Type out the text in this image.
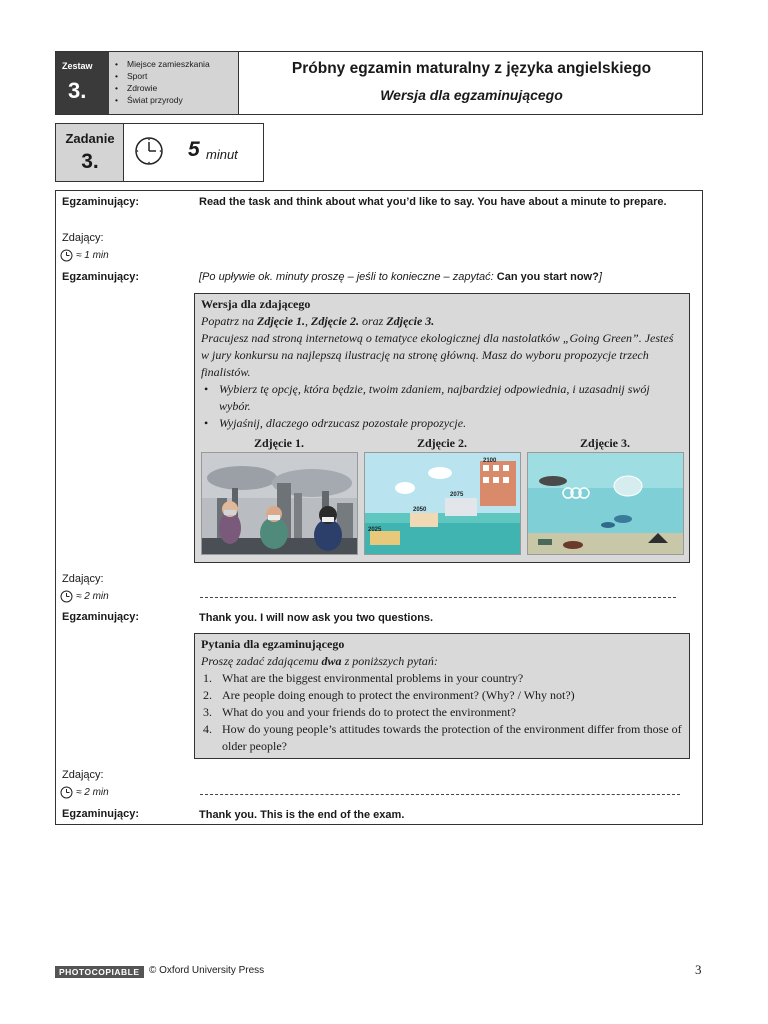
Zestaw
3.
• Miejsce zamieszkania
• Sport
• Zdrowie
• Świat przyrody
Próbny egzamin maturalny z języka angielskiego
Wersja dla egzaminującego
Zadanie
3.
5 minut
Egzaminujący:	Read the task and think about what you’d like to say. You have about a minute to prepare.
Zdający:
≈ 1 min
Egzaminujący:	[Po upływie ok. minuty proszę – jeśli to konieczne – zapytać: Can you start now?]

Wersja dla zdającego

Popatrz na Zdjęcie 1., Zdjęcie 2. oraz Zdjęcie 3.

Pracujesz nad stroną internetową o tematyce ekologicznej dla nastolatków „Going Green”. Jesteś w jury konkursu na najlepszą ilustrację na stronę główną. Masz do wyboru propozycje trzech finalistów.

• Wybierz tę opcję, która będzie, twoim zdaniem, najbardziej odpowiednia, i uzasadnij swój wybór.

• Wyjaśnij, dlaczego odrzucasz pozostałe propozycje.

Zdjęcie 1.	Zdjęcie 2.	Zdjęcie 3.
2100
2075
2050
2025
Zdający:
≈ 2 min
Egzaminujący:	Thank you. I will now ask you two questions.

Pytania dla egzaminującego

Proszę zadać zdającemu dwa z poniższych pytań:

1. What are the biggest environmental problems in your country?

2. Are people doing enough to protect the environment? (Why? / Why not?)

3. What do you and your friends do to protect the environment?

4. How do young people’s attitudes towards the protection of the environment differ from those of older people?

Zdający:
≈ 2 min
Egzaminujący:	Thank you. This is the end of the exam.
PHOTOCOPIABLE © Oxford University Press	3
